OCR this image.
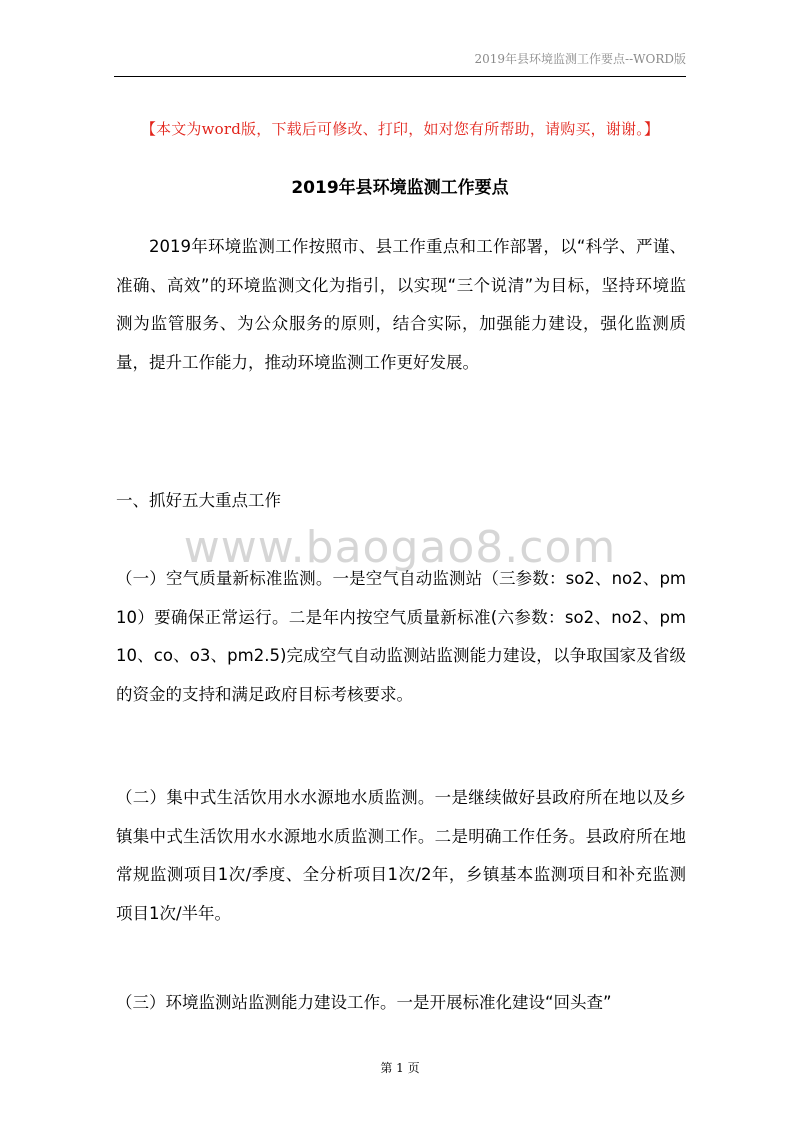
2019年县环境监测工作要点--WORD版
【本文为word版，下载后可修改、打印，如对您有所帮助，请购买，谢谢。】
2019年县环境监测工作要点

2019年环境监测工作按照市、县工作重点和工作部署，以“科学、严谨、准确、高效”的环境监测文化为指引，以实现“三个说清”为目标，坚持环境监测为监管服务、为公众服务的原则，结合实际，加强能力建设，强化监测质量，提升工作能力，推动环境监测工作更好发展。

一、抓好五大重点工作

www.baogao8.com

（一）空气质量新标准监测。一是空气自动监测站（三参数：so2、no2、pm10）要确保正常运行。二是年内按空气质量新标准(六参数：so2、no2、pm10、co、o3、pm2.5)完成空气自动监测站监测能力建设，以争取国家及省级的资金的支持和满足政府目标考核要求。

（二）集中式生活饮用水水源地水质监测。一是继续做好县政府所在地以及乡镇集中式生活饮用水水源地水质监测工作。二是明确工作任务。县政府所在地常规监测项目1次/季度、全分析项目1次/2年，乡镇基本监测项目和补充监测项目1次/半年。

（三）环境监测站监测能力建设工作。一是开展标准化建设“回头查”

第 1 页
